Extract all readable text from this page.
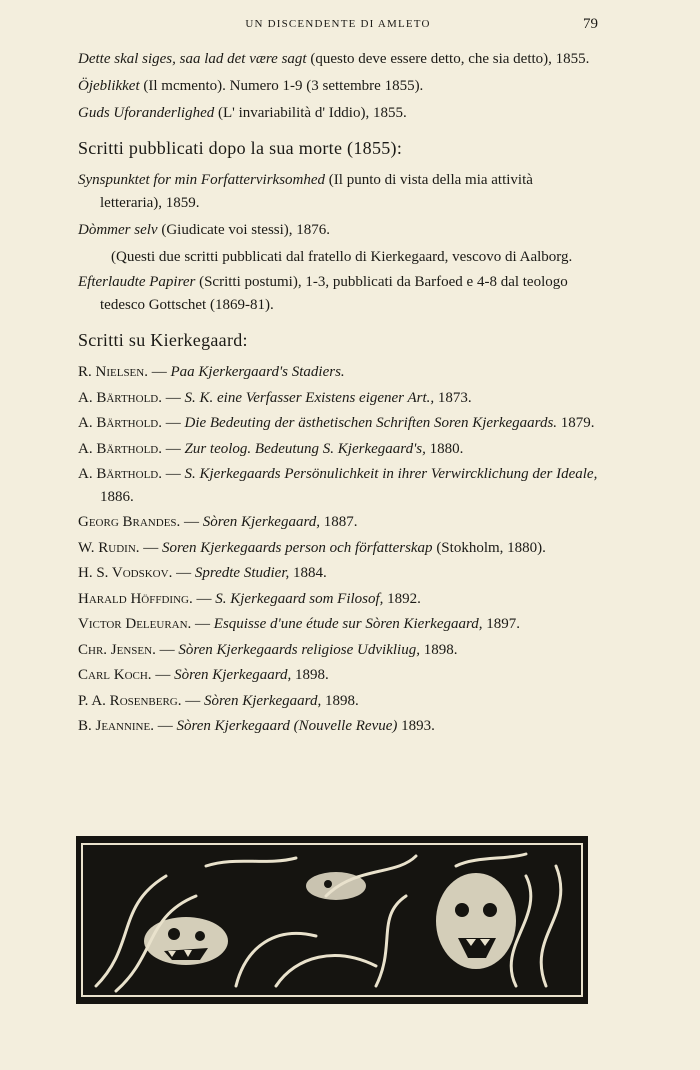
UN DISCENDENTE DI AMLETO	79

Dette skal siges, saa lad det være sagt (questo deve essere detto, che sia detto), 1855.

Öjeblikket (Il mcmento). Numero 1-9 (3 settembre 1855).

Guds Uforanderlighed (L' invariabilità d' Iddio), 1855.

Scritti pubblicati dopo la sua morte (1855):

Synspunktet for min Forfattervirksomhed (Il punto di vista della mia attività letteraria), 1859.

Dòmmer selv (Giudicate voi stessi), 1876.

(Questi due scritti pubblicati dal fratello di Kierkegaard, vescovo di Aalborg.

Efterlaudte Papirer (Scritti postumi), 1-3, pubblicati da Barfoed e 4-8 dal teologo tedesco Gottschet (1869-81).

Scritti su Kierkegaard:

R. Nielsen. — Paa Kjerkergaard's Stadiers.

A. Bärthold. — S. K. eine Verfasser Existens eigener Art., 1873.

A. Bärthold. — Die Bedeuting der ästhetischen Schriften Soren Kjerkegaards. 1879.

A. Bärthold. — Zur teolog. Bedeutung S. Kjerkegaard's, 1880.

A. Bärthold. — S. Kjerkegaards Persönulichkeit in ihrer Verwircklichung der Ideale, 1886.

Georg Brandes. — Sòren Kjerkegaard, 1887.

W. Rudin. — Soren Kjerkegaards person och författerskap (Stokholm, 1880).

H. S. Vodskov. — Spredte Studier, 1884.

Harald Höffding. — S. Kjerkegaard som Filosof, 1892.

Victor Deleuran. — Esquisse d'une étude sur Sòren Kierkegaard, 1897.

Chr. Jensen. — Sòren Kjerkegaards religiose Udvikliug, 1898.

Carl Koch. — Sòren Kjerkegaard, 1898.

P. A. Rosenberg. — Sòren Kjerkegaard, 1898.

B. Jeannine. — Sòren Kjerkegaard (Nouvelle Revue) 1893.
